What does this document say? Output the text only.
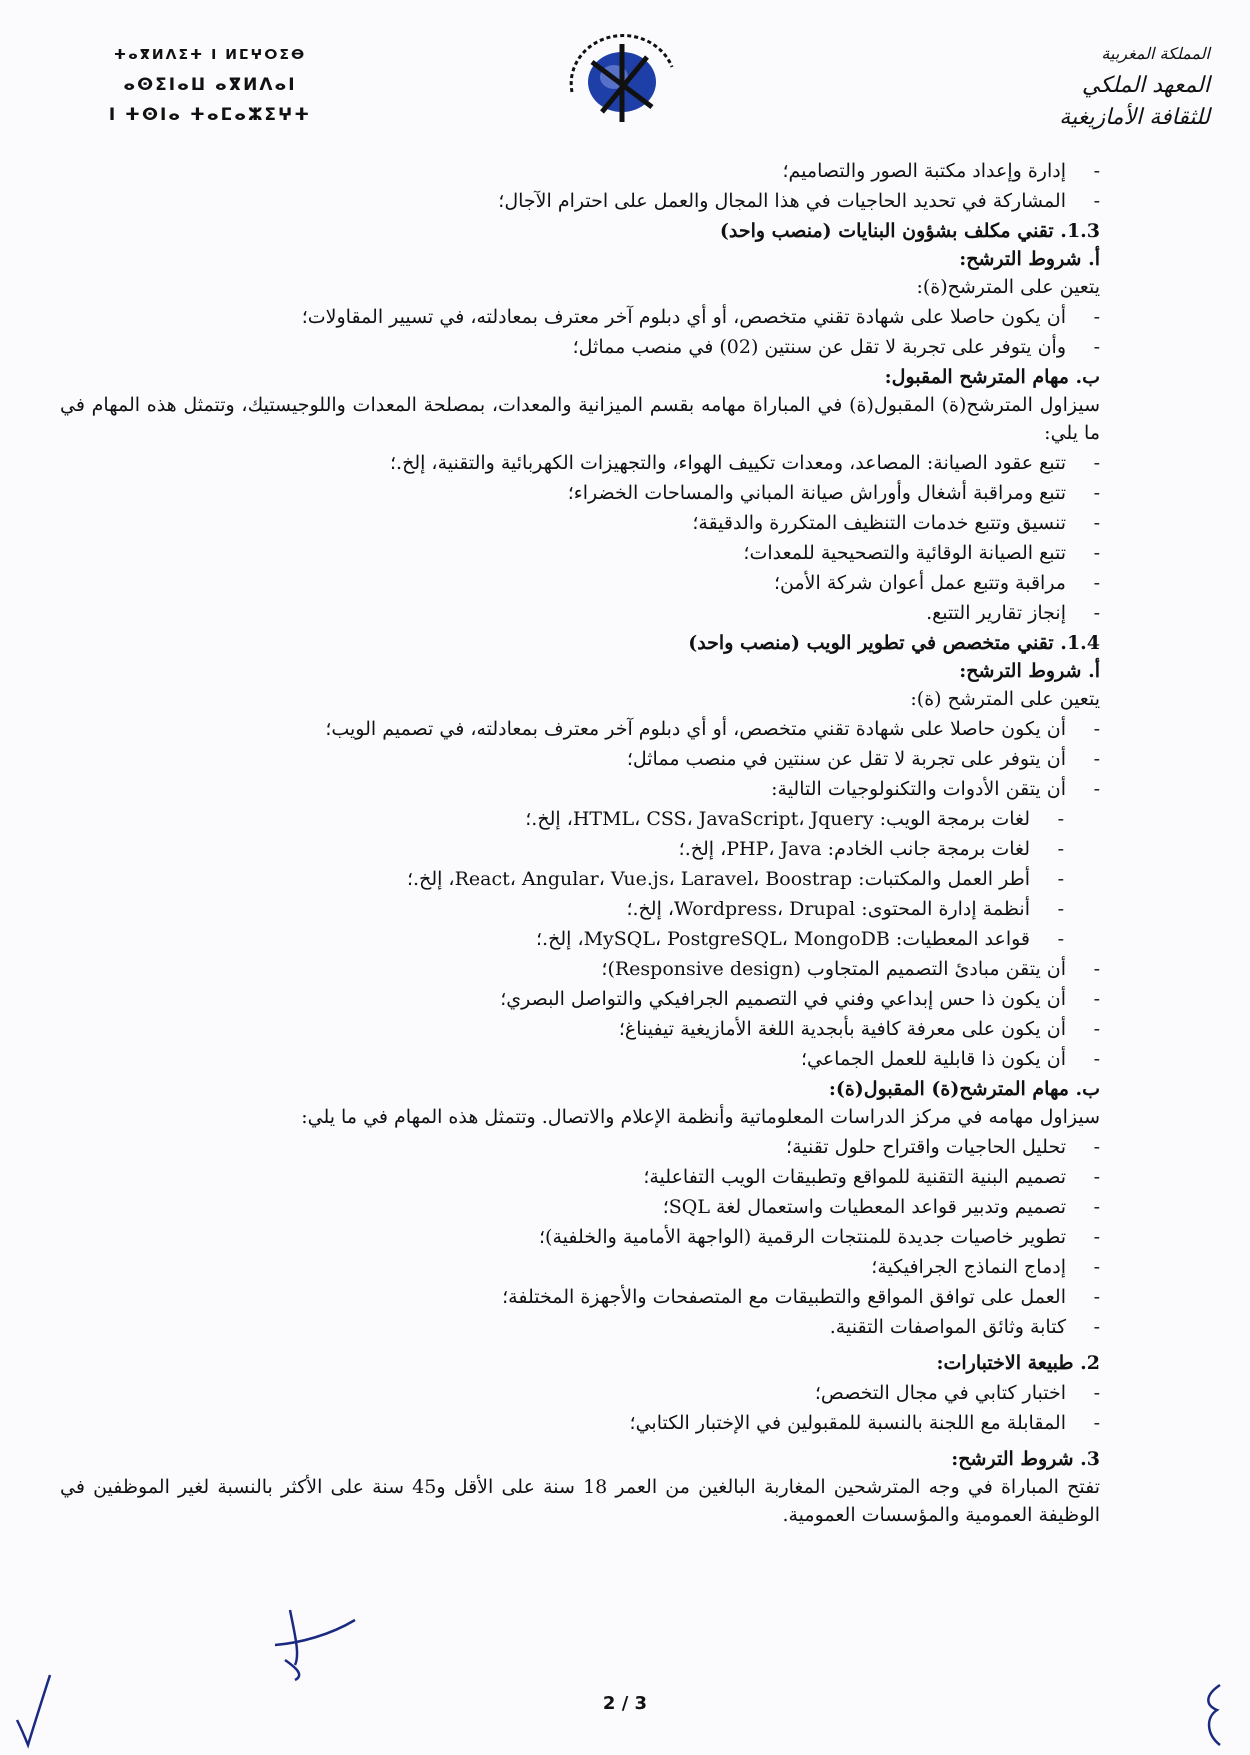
المملكة المغربية
المعهد الملكي
للثقافة الأمازيغية
ⵜⴰⴳⵍⴷⵉⵜ ⵏ ⵍⵎⵖⵔⵉⴱ
ⴰⵙⵉⵏⴰⵡ ⴰⴳⵍⴷⴰⵏ
ⵏ ⵜⵙⵏⴰ ⵜⴰⵎⴰⵣⵉⵖⵜ
- إدارة وإعداد مكتبة الصور والتصاميم؛
- المشاركة في تحديد الحاجيات في هذا المجال والعمل على احترام الآجال؛

1.3. تقني مكلف بشؤون البنايات (منصب واحد)

أ. شروط الترشح:

يتعين على المترشح(ة):

- أن يكون حاصلا على شهادة تقني متخصص، أو أي دبلوم آخر معترف بمعادلته، في تسيير المقاولات؛
- وأن يتوفر على تجربة لا تقل عن سنتين (02) في منصب مماثل؛

ب. مهام المترشح المقبول:

سيزاول المترشح(ة) المقبول(ة) في المباراة مهامه بقسم الميزانية والمعدات، بمصلحة المعدات واللوجيستيك، وتتمثل هذه المهام في ما يلي:

- تتبع عقود الصيانة: المصاعد، ومعدات تكييف الهواء، والتجهيزات الكهربائية والتقنية، إلخ.؛
- تتبع ومراقبة أشغال وأوراش صيانة المباني والمساحات الخضراء؛
- تنسيق وتتبع خدمات التنظيف المتكررة والدقيقة؛
- تتبع الصيانة الوقائية والتصحيحية للمعدات؛
- مراقبة وتتبع عمل أعوان شركة الأمن؛
- إنجاز تقارير التتبع.

1.4. تقني متخصص في تطوير الويب (منصب واحد)

أ. شروط الترشح:

يتعين على المترشح (ة):

- أن يكون حاصلا على شهادة تقني متخصص، أو أي دبلوم آخر معترف بمعادلته، في تصميم الويب؛
- أن يتوفر على تجربة لا تقل عن سنتين في منصب مماثل؛
- أن يتقن الأدوات والتكنولوجيات التالية:
- لغات برمجة الويب: HTML، CSS، JavaScript، Jquery، إلخ.؛
- لغات برمجة جانب الخادم: PHP، Java، إلخ.؛
- أطر العمل والمكتبات: React، Angular، Vue.js، Laravel، Boostrap، إلخ.؛
- أنظمة إدارة المحتوى: Wordpress، Drupal، إلخ.؛
- قواعد المعطيات: MySQL، PostgreSQL، MongoDB، إلخ.؛
- أن يتقن مبادئ التصميم المتجاوب (Responsive design)؛
- أن يكون ذا حس إبداعي وفني في التصميم الجرافيكي والتواصل البصري؛
- أن يكون على معرفة كافية بأبجدية اللغة الأمازيغية تيفيناغ؛
- أن يكون ذا قابلية للعمل الجماعي؛

ب. مهام المترشح(ة) المقبول(ة):

سيزاول مهامه في مركز الدراسات المعلوماتية وأنظمة الإعلام والاتصال. وتتمثل هذه المهام في ما يلي:

- تحليل الحاجيات واقتراح حلول تقنية؛
- تصميم البنية التقنية للمواقع وتطبيقات الويب التفاعلية؛
- تصميم وتدبير قواعد المعطيات واستعمال لغة SQL؛
- تطوير خاصيات جديدة للمنتجات الرقمية (الواجهة الأمامية والخلفية)؛
- إدماج النماذج الجرافيكية؛
- العمل على توافق المواقع والتطبيقات مع المتصفحات والأجهزة المختلفة؛
- كتابة وثائق المواصفات التقنية.

2. طبيعة الاختبارات:

- اختبار كتابي في مجال التخصص؛
- المقابلة مع اللجنة بالنسبة للمقبولين في الإختبار الكتابي؛

3. شروط الترشح:

تفتح المباراة في وجه المترشحين المغاربة البالغين من العمر 18 سنة على الأقل و45 سنة على الأكثر بالنسبة لغير الموظفين في الوظيفة العمومية والمؤسسات العمومية.

2 / 3
